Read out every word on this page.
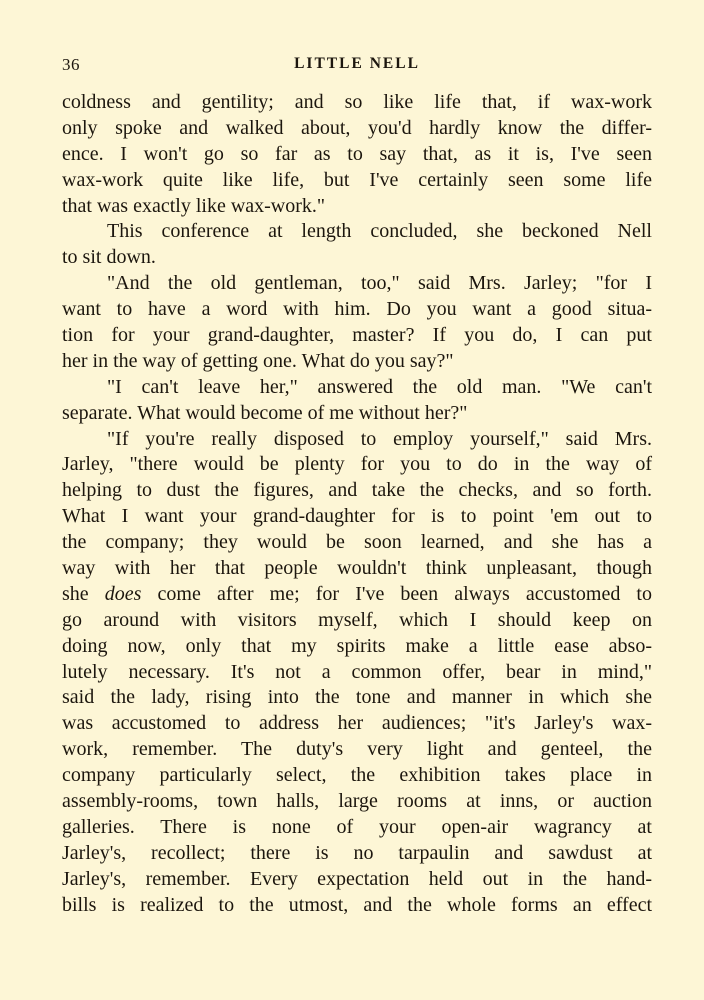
36	LITTLE NELL
coldness and gentility; and so like life that, if wax-work
only spoke and walked about, you'd hardly know the differ-
ence. I won't go so far as to say that, as it is, I've seen
wax-work quite like life, but I've certainly seen some life
that was exactly like wax-work."
This conference at length concluded, she beckoned Nell
to sit down.
"And the old gentleman, too," said Mrs. Jarley; "for I
want to have a word with him. Do you want a good situa-
tion for your grand-daughter, master? If you do, I can put
her in the way of getting one. What do you say?"
"I can't leave her," answered the old man. "We can't
separate. What would become of me without her?"
"If you're really disposed to employ yourself," said Mrs.
Jarley, "there would be plenty for you to do in the way of
helping to dust the figures, and take the checks, and so forth.
What I want your grand-daughter for is to point 'em out to
the company; they would be soon learned, and she has a
way with her that people wouldn't think unpleasant, though
she does come after me; for I've been always accustomed to
go around with visitors myself, which I should keep on
doing now, only that my spirits make a little ease abso-
lutely necessary. It's not a common offer, bear in mind,"
said the lady, rising into the tone and manner in which she
was accustomed to address her audiences; "it's Jarley's wax-
work, remember. The duty's very light and genteel, the
company particularly select, the exhibition takes place in
assembly-rooms, town halls, large rooms at inns, or auction
galleries. There is none of your open-air wagrancy at
Jarley's, recollect; there is no tarpaulin and sawdust at
Jarley's, remember. Every expectation held out in the hand-
bills is realized to the utmost, and the whole forms an effect
